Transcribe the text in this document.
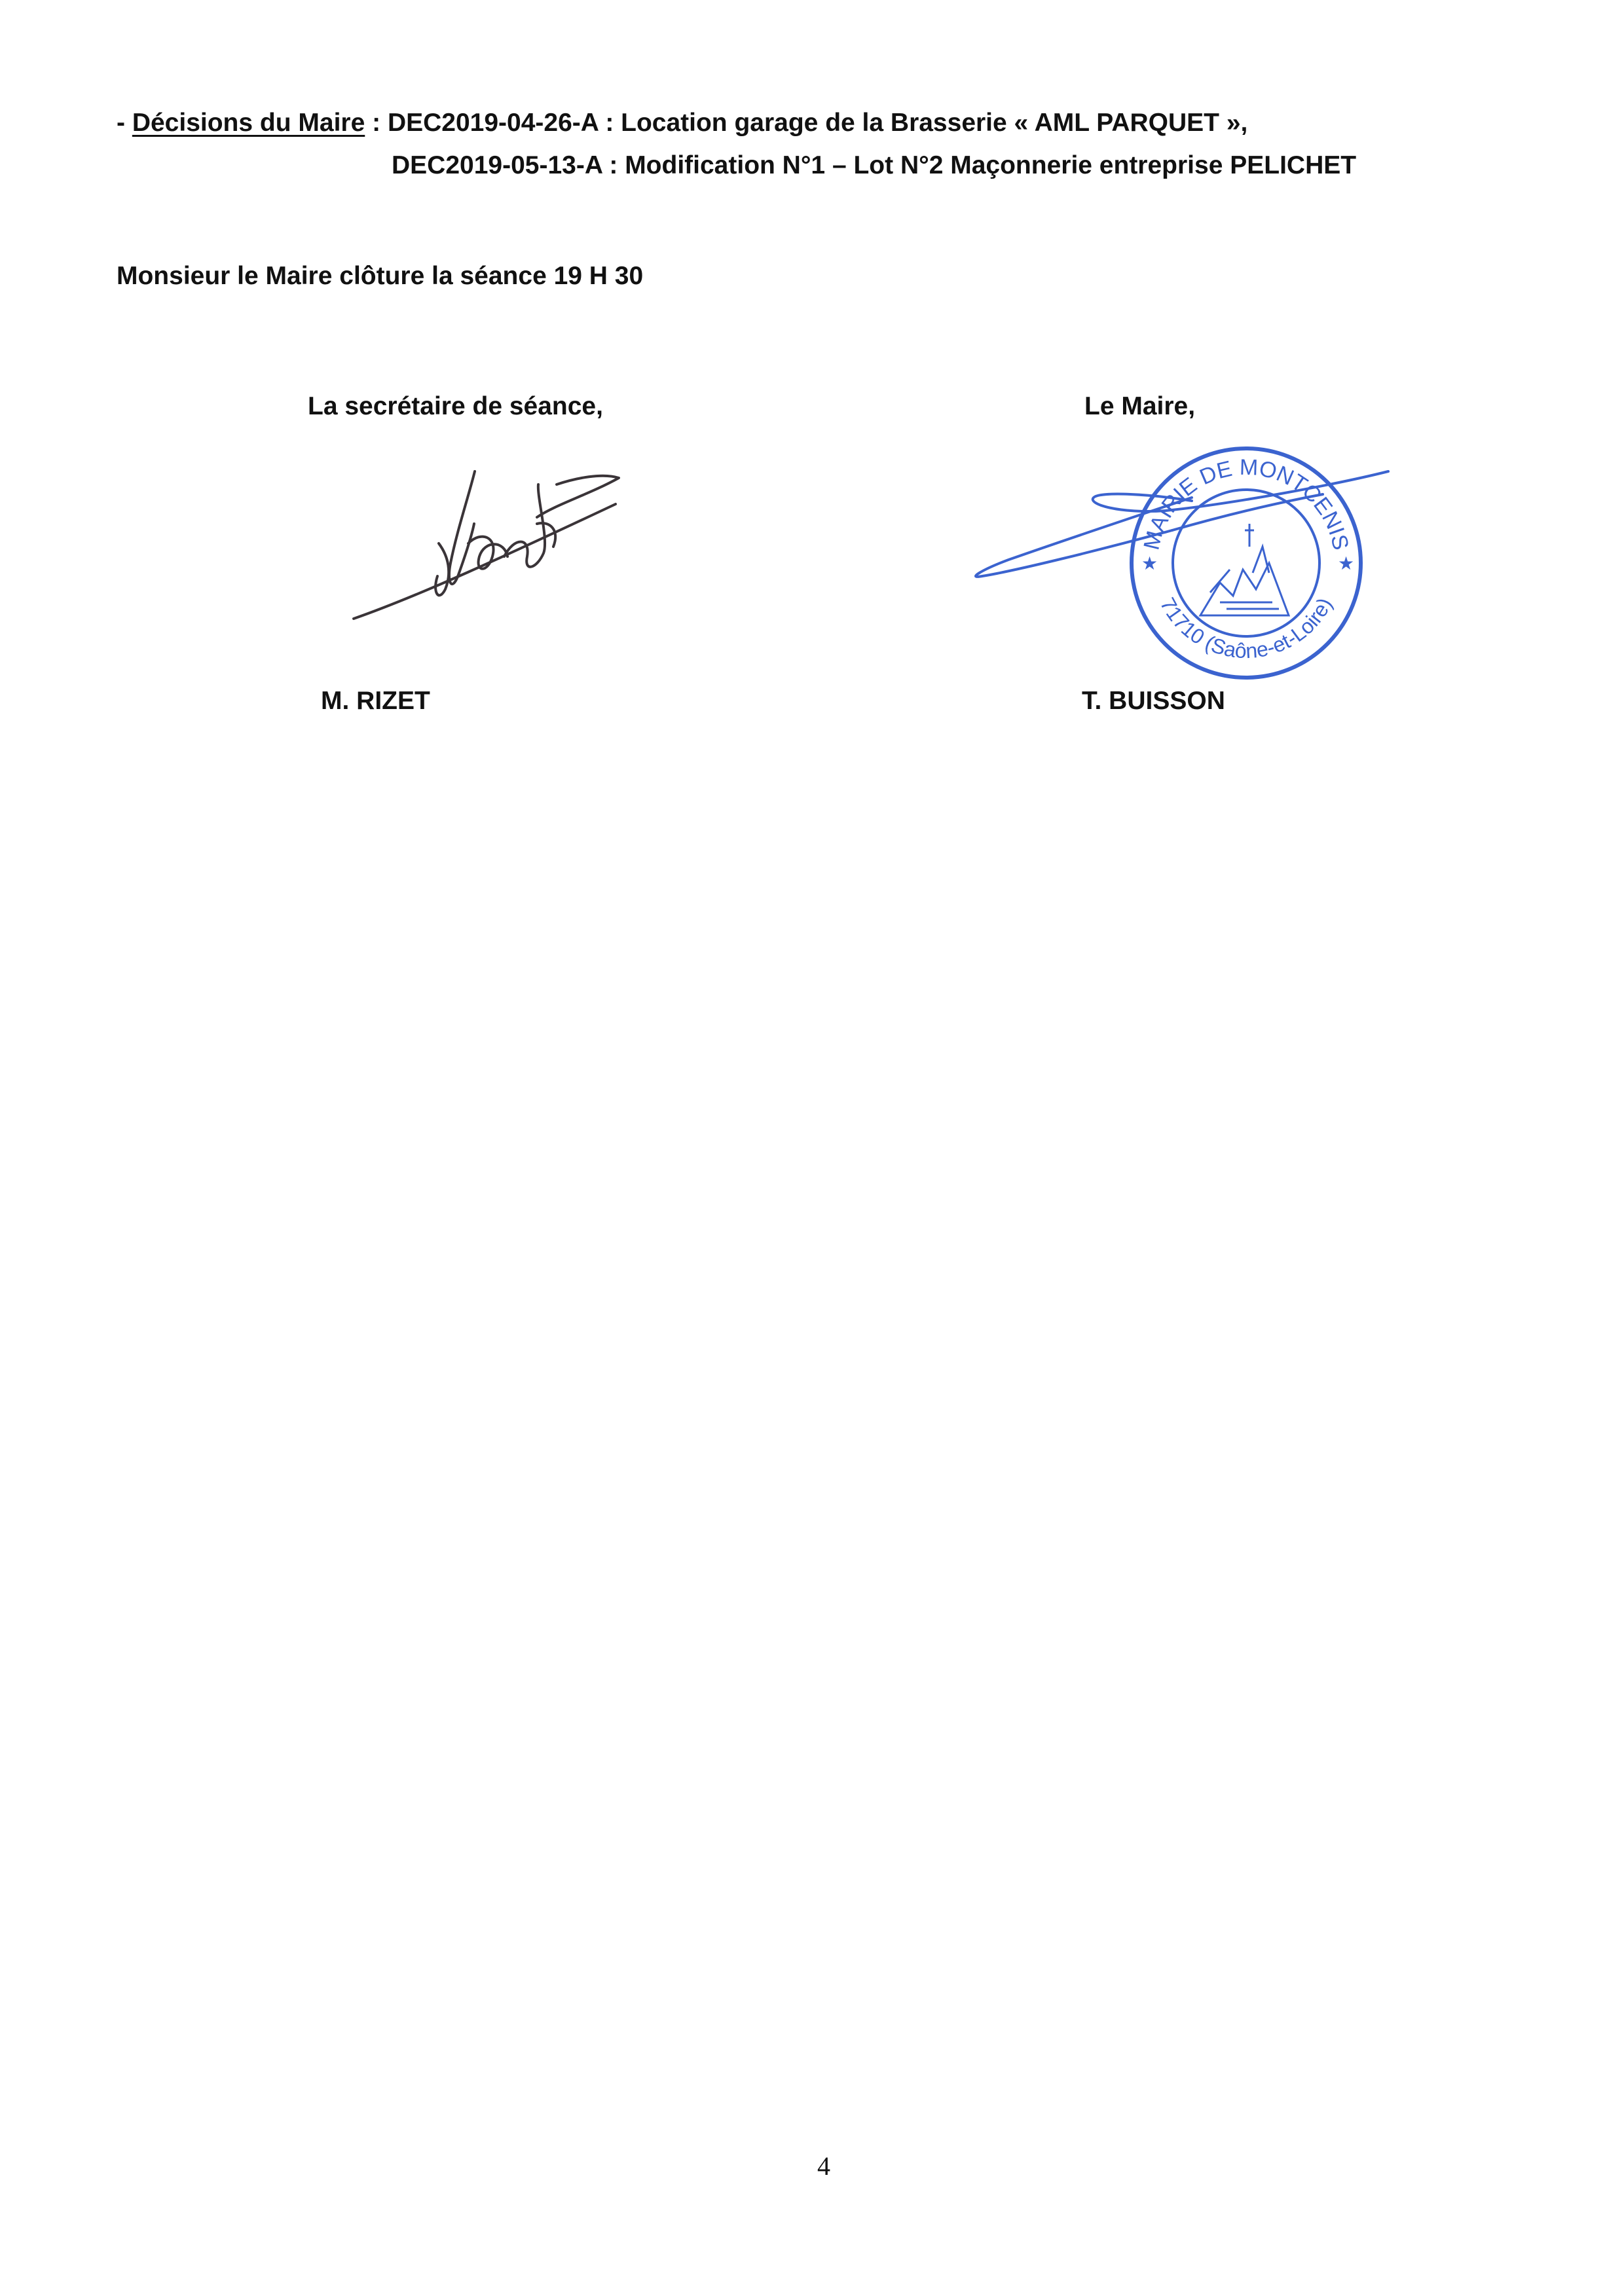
- Décisions du Maire : DEC2019-04-26-A : Location garage de la Brasserie « AML PARQUET »,
DEC2019-05-13-A : Modification N°1 – Lot N°2 Maçonnerie entreprise PELICHET
Monsieur le Maire clôture la séance 19 H 30
La secrétaire de séance,
M. RIZET
Le Maire,
MAIRIE DE MONTCENIS
71710 (Saône-et-Loire)
★	★
T. BUISSON
4
